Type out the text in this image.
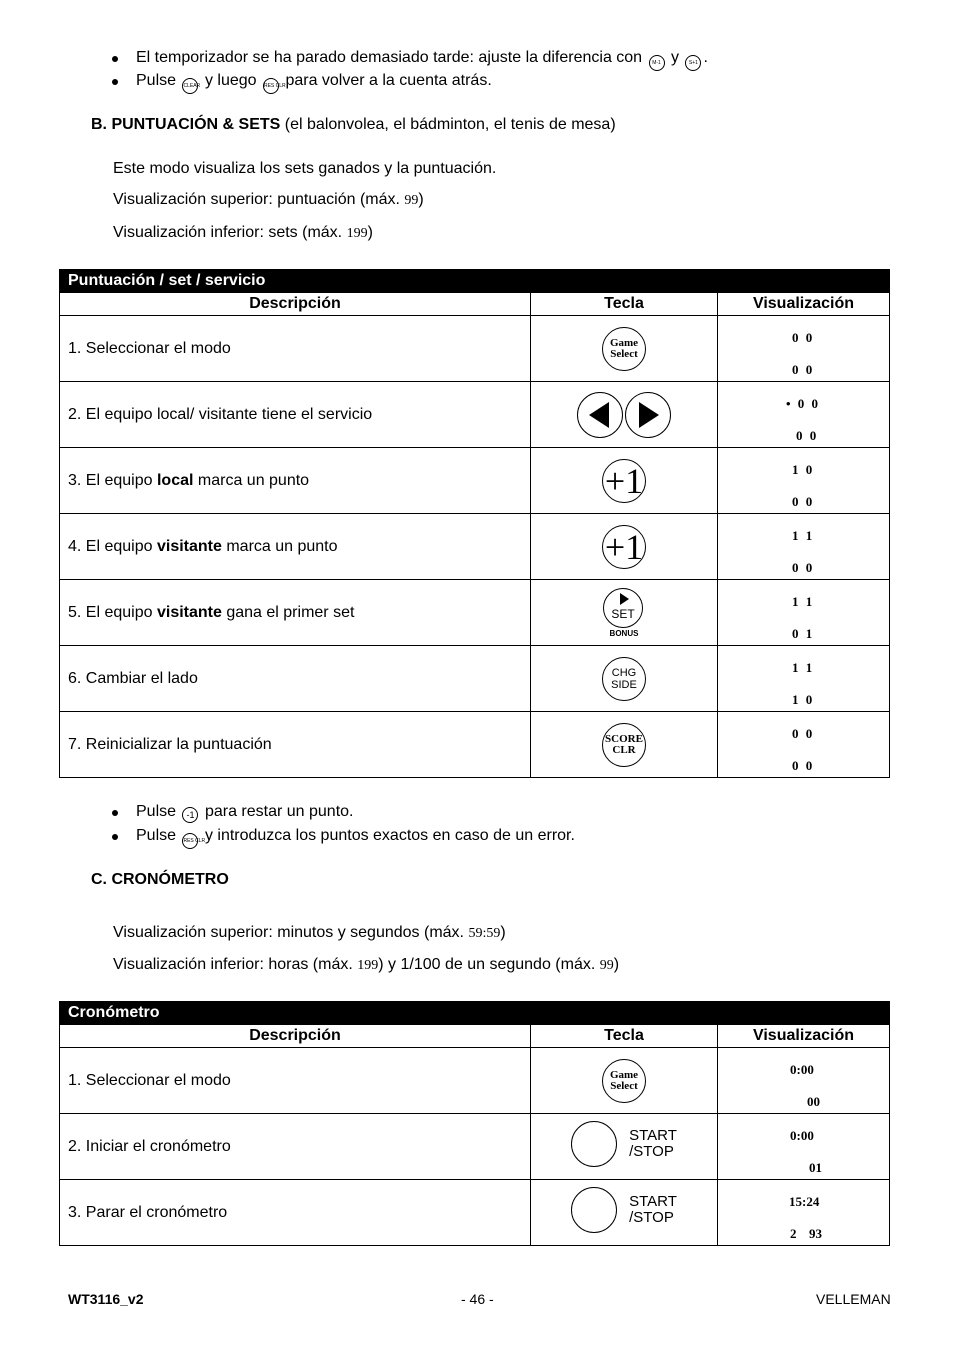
El temporizador se ha parado demasiado tarde: ajuste la diferencia con M-1 y S+1 .
Pulse CLEAR y luego RES CLR para volver a la cuenta atrás.
B. PUNTUACIÓN & SETS (el balonvolea, el bádminton, el tenis de mesa)
Este modo visualiza los sets ganados y la puntuación.
Visualización superior: puntuación (máx. 99)
Visualización inferior: sets (máx. 199)
Puntuación / set / servicio		
Descripción	Tecla	Visualización
1. Seleccionar el modo	Game
Select	0 0
0 0

2. El equipo local/ visitante tiene el servicio		• 0 0
0 0

3. El equipo local marca un punto	+1	1 0
0 0

4. El equipo visitante marca un punto	+1	1 1
0 0

5. El equipo visitante gana el primer set	SET
BONUS	1 1
0 1

6. Cambiar el lado	CHG
SIDE	1 1
1 0

7. Reinicializar la puntuación	SCORE
CLR	0 0
0 0
Pulse -1 para restar un punto.
Pulse RES CLR y introduzca los puntos exactos en caso de un error.
C. CRONÓMETRO
Visualización superior: minutos y segundos (máx. 59:59)
Visualización inferior: horas (máx. 199) y 1/100 de un segundo (máx. 99)
Cronómetro		
Descripción	Tecla	Visualización
1. Seleccionar el modo	Game
Select	0:00
00

2. Iniciar el cronómetro	START
/STOP	0:00
01

3. Parar el cronómetro	START
/STOP	15:24
2 93
WT3116_v2	- 46 -	VELLEMAN
